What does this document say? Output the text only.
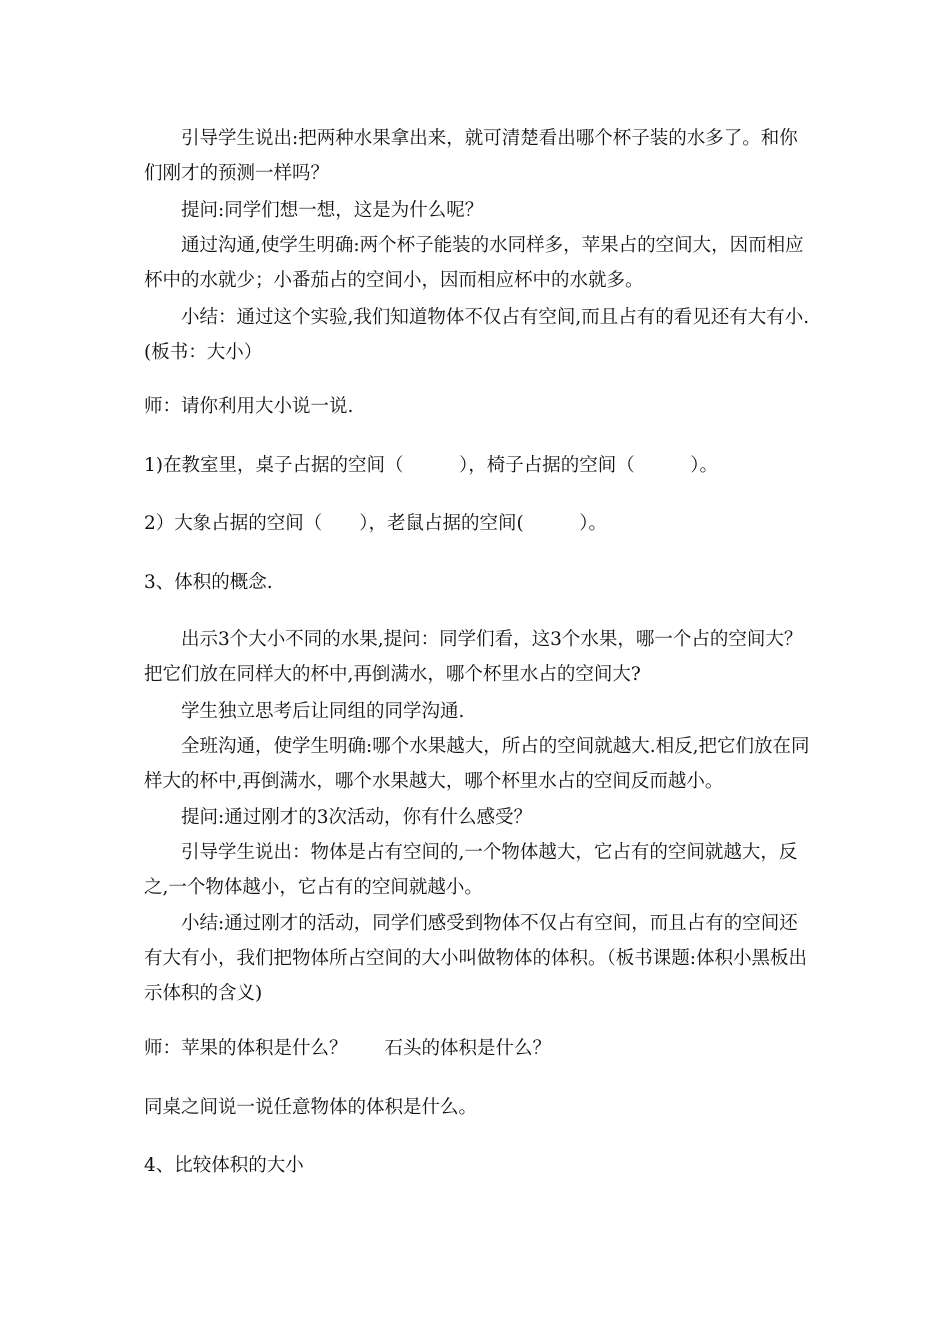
引导学生说出:把两种水果拿出来，就可清楚看出哪个杯子装的水多了。和你们刚才的预测一样吗？

提问:同学们想一想，这是为什么呢？

通过沟通,使学生明确:两个杯子能装的水同样多，苹果占的空间大，因而相应杯中的水就少；小番茄占的空间小，因而相应杯中的水就多。

小结：通过这个实验,我们知道物体不仅占有空间,而且占有的看见还有大有小.(板书：大小）

师：请你利用大小说一说.

1)在教室里，桌子占据的空间（　　　），椅子占据的空间（　　　）。

2）大象占据的空间（　　），老鼠占据的空间(　　　）。

3、体积的概念.

出示3个大小不同的水果,提问：同学们看，这3个水果，哪一个占的空间大？把它们放在同样大的杯中,再倒满水，哪个杯里水占的空间大?

学生独立思考后让同组的同学沟通.

全班沟通，使学生明确:哪个水果越大，所占的空间就越大.相反,把它们放在同样大的杯中,再倒满水，哪个水果越大，哪个杯里水占的空间反而越小。

提问:通过刚才的3次活动，你有什么感受？

引导学生说出：物体是占有空间的,一个物体越大，它占有的空间就越大，反之,一个物体越小，它占有的空间就越小。

小结:通过刚才的活动，同学们感受到物体不仅占有空间，而且占有的空间还有大有小，我们把物体所占空间的大小叫做物体的体积。（板书课题:体积小黑板出示体积的含义)

师：苹果的体积是什么？　　石头的体积是什么？

同桌之间说一说任意物体的体积是什么。

4、比较体积的大小
